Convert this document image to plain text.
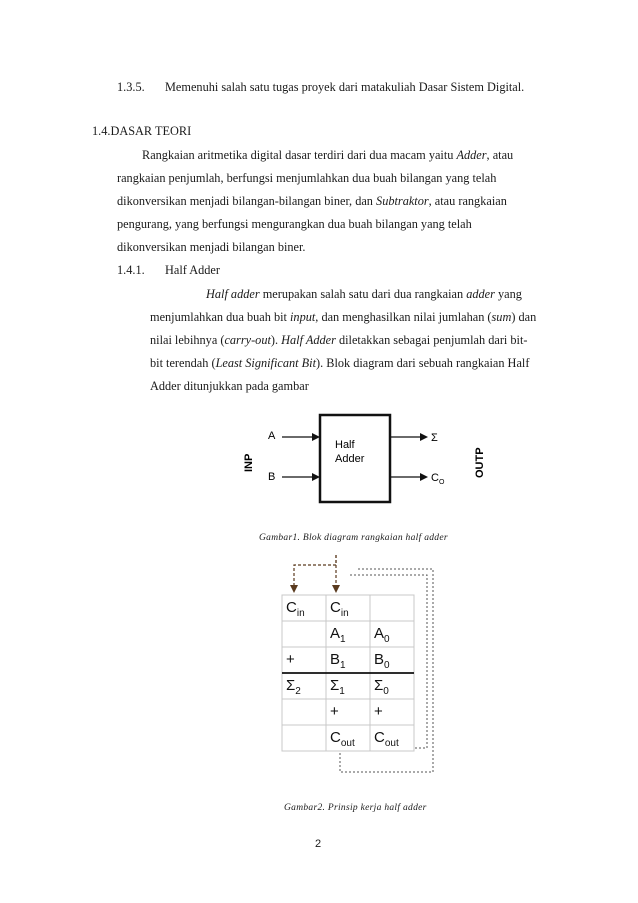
1.3.5. Memenuhi salah satu tugas proyek dari matakuliah Dasar Sistem Digital.
1.4.DASAR TEORI
Rangkaian aritmetika digital dasar terdiri dari dua macam yaitu Adder, atau
rangkaian penjumlah, berfungsi menjumlahkan dua buah bilangan yang telah
dikonversikan menjadi bilangan-bilangan biner, dan Subtraktor, atau rangkaian
pengurang, yang berfungsi mengurangkan dua buah bilangan yang telah
dikonversikan menjadi bilangan biner.
1.4.1. Half Adder
Half adder merupakan salah satu dari dua rangkaian adder yang
menjumlahkan dua buah bit input, dan menghasilkan nilai jumlahan (sum) dan
nilai lebihnya (carry-out). Half Adder diletakkan sebagai penjumlah dari bit-
bit terendah (Least Significant Bit). Blok diagram dari sebuah rangkaian Half
Adder ditunjukkan pada gambar
INP
A
B
Half
Adder
Σ
$C_O$
OUTP
Gambar1. Blok diagram rangkaian half adder
$C_{in}$ $C_{in}$
$A_1$ $A_0$
+ $B_1$ $B_0$
$\Sigma_2$ $\Sigma_1$ $\Sigma_0$
+ +
$C_{out}$ $C_{out}$
Gambar2. Prinsip kerja half adder
2
